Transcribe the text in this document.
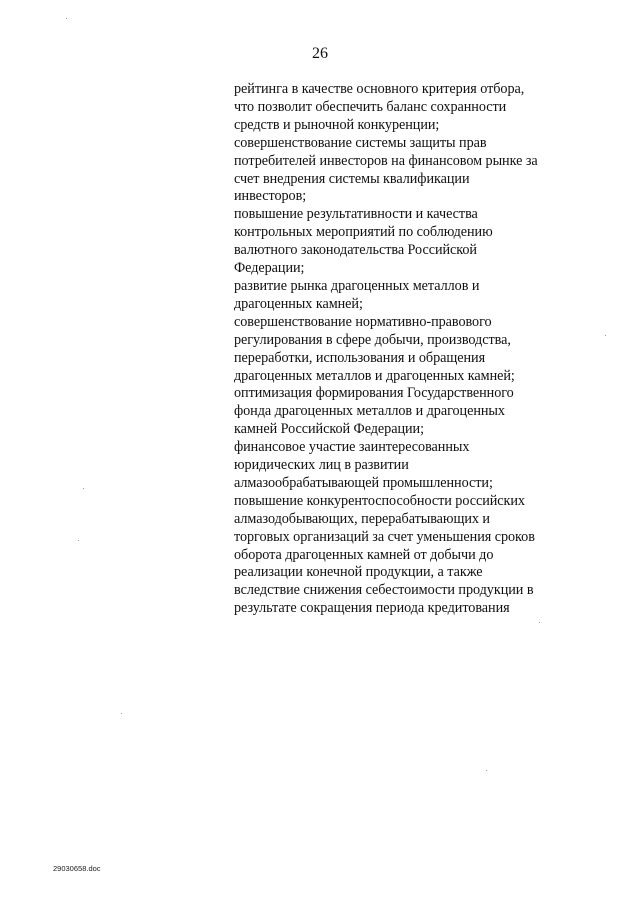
26
рейтинга в качестве основного критерия отбора,
что позволит обеспечить баланс сохранности
средств и рыночной конкуренции;
совершенствование системы защиты прав
потребителей инвесторов на финансовом рынке за
счет внедрения системы квалификации
инвесторов;
повышение результативности и качества
контрольных мероприятий по соблюдению
валютного законодательства Российской
Федерации;
развитие рынка драгоценных металлов и
драгоценных камней;
совершенствование нормативно-правового
регулирования в сфере добычи, производства,
переработки, использования и обращения
драгоценных металлов и драгоценных камней;
оптимизация формирования Государственного
фонда драгоценных металлов и драгоценных
камней Российской Федерации;
финансовое участие заинтересованных
юридических лиц в развитии
алмазообрабатывающей промышленности;
повышение конкурентоспособности российских
алмазодобывающих, перерабатывающих и
торговых организаций за счет уменьшения сроков
оборота драгоценных камней от добычи до
реализации конечной продукции, а также
вследствие снижения себестоимости продукции в
результате сокращения периода кредитования
29030658.doc
